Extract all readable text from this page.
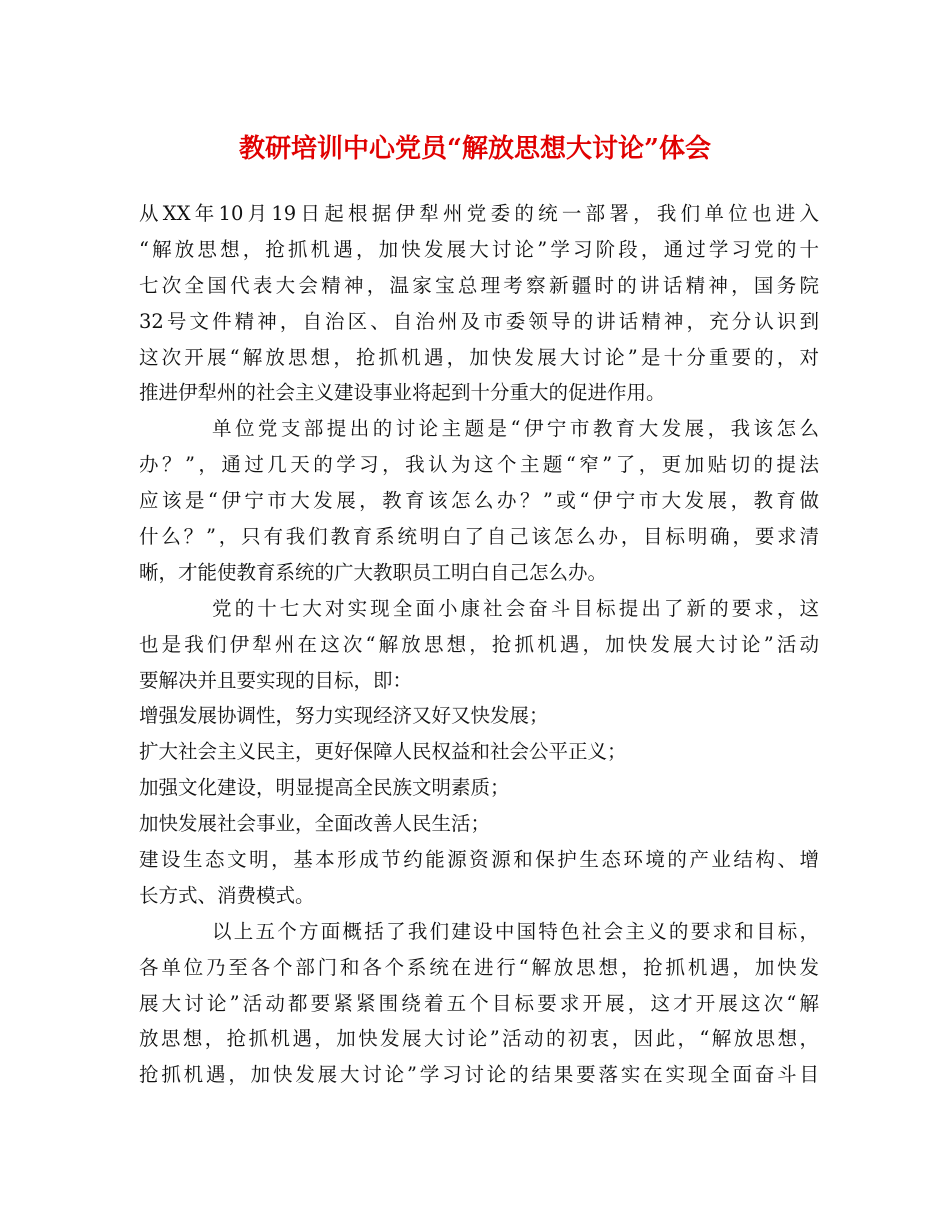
教研培训中心党员“解放思想大讨论”体会
从XX年10月19日起根据伊犁州党委的统一部署，我们单位也进入
“解放思想，抢抓机遇，加快发展大讨论”学习阶段，通过学习党的十
七次全国代表大会精神，温家宝总理考察新疆时的讲话精神，国务院
32号文件精神，自治区、自治州及市委领导的讲话精神，充分认识到
这次开展“解放思想，抢抓机遇，加快发展大讨论”是十分重要的，对
推进伊犁州的社会主义建设事业将起到十分重大的促进作用。
单位党支部提出的讨论主题是“伊宁市教育大发展，我该怎么
办？”，通过几天的学习，我认为这个主题“窄”了，更加贴切的提法
应该是“伊宁市大发展，教育该怎么办？”或“伊宁市大发展，教育做
什么？”，只有我们教育系统明白了自己该怎么办，目标明确，要求清
晰，才能使教育系统的广大教职员工明白自己怎么办。
党的十七大对实现全面小康社会奋斗目标提出了新的要求，这
也是我们伊犁州在这次“解放思想，抢抓机遇，加快发展大讨论”活动
要解决并且要实现的目标，即：
增强发展协调性，努力实现经济又好又快发展；
扩大社会主义民主，更好保障人民权益和社会公平正义；
加强文化建设，明显提高全民族文明素质；
加快发展社会事业，全面改善人民生活；
建设生态文明，基本形成节约能源资源和保护生态环境的产业结构、增
长方式、消费模式。
以上五个方面概括了我们建设中国特色社会主义的要求和目标，
各单位乃至各个部门和各个系统在进行“解放思想，抢抓机遇，加快发
展大讨论”活动都要紧紧围绕着五个目标要求开展，这才开展这次“解
放思想，抢抓机遇，加快发展大讨论”活动的初衷，因此，“解放思想，
抢抓机遇，加快发展大讨论”学习讨论的结果要落实在实现全面奋斗目
